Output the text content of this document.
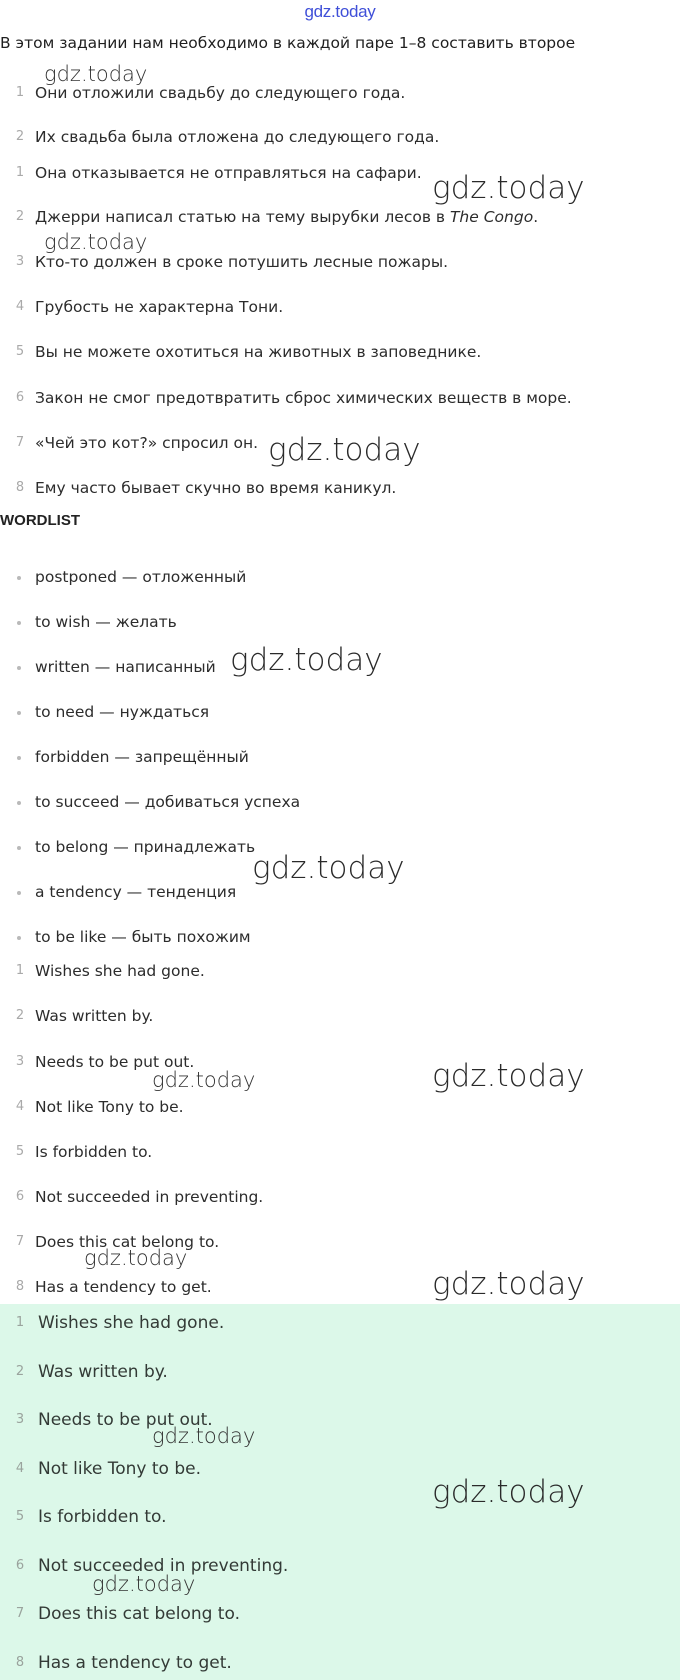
gdz.today
В этом задании нам необходимо в каждой паре 1–8 составить второе
1 Они отложили свадьбу до следующего года.
2 Их свадьба была отложена до следующего года.
1 Она отказывается не отправляться на сафари.
2 Джерри написал статью на тему вырубки лесов в The Congo.
3 Кто-то должен в сроке потушить лесные пожары.
4 Грубость не характерна Тони.
5 Вы не можете охотиться на животных в заповеднике.
6 Закон не смог предотвратить сброс химических веществ в море.
7 «Чей это кот?» спросил он.
8 Ему часто бывает скучно во время каникул.
WORDLIST
postponed — отложенный
to wish — желать
written — написанный
to need — нуждаться
forbidden — запрещённый
to succeed — добиваться успеха
to belong — принадлежать
a tendency — тенденция
to be like — быть похожим
1 Wishes she had gone.
2 Was written by.
3 Needs to be put out.
4 Not like Tony to be.
5 Is forbidden to.
6 Not succeeded in preventing.
7 Does this cat belong to.
8 Has a tendency to get.
1 Wishes she had gone.
2 Was written by.
3 Needs to be put out.
4 Not like Tony to be.
5 Is forbidden to.
6 Not succeeded in preventing.
7 Does this cat belong to.
8 Has a tendency to get.
gdz.today
gdz.today
gdz.today
gdz.today
gdz.today
gdz.today
gdz.today
gdz.today
gdz.today
gdz.today
gdz.today
gdz.today
gdz.today
